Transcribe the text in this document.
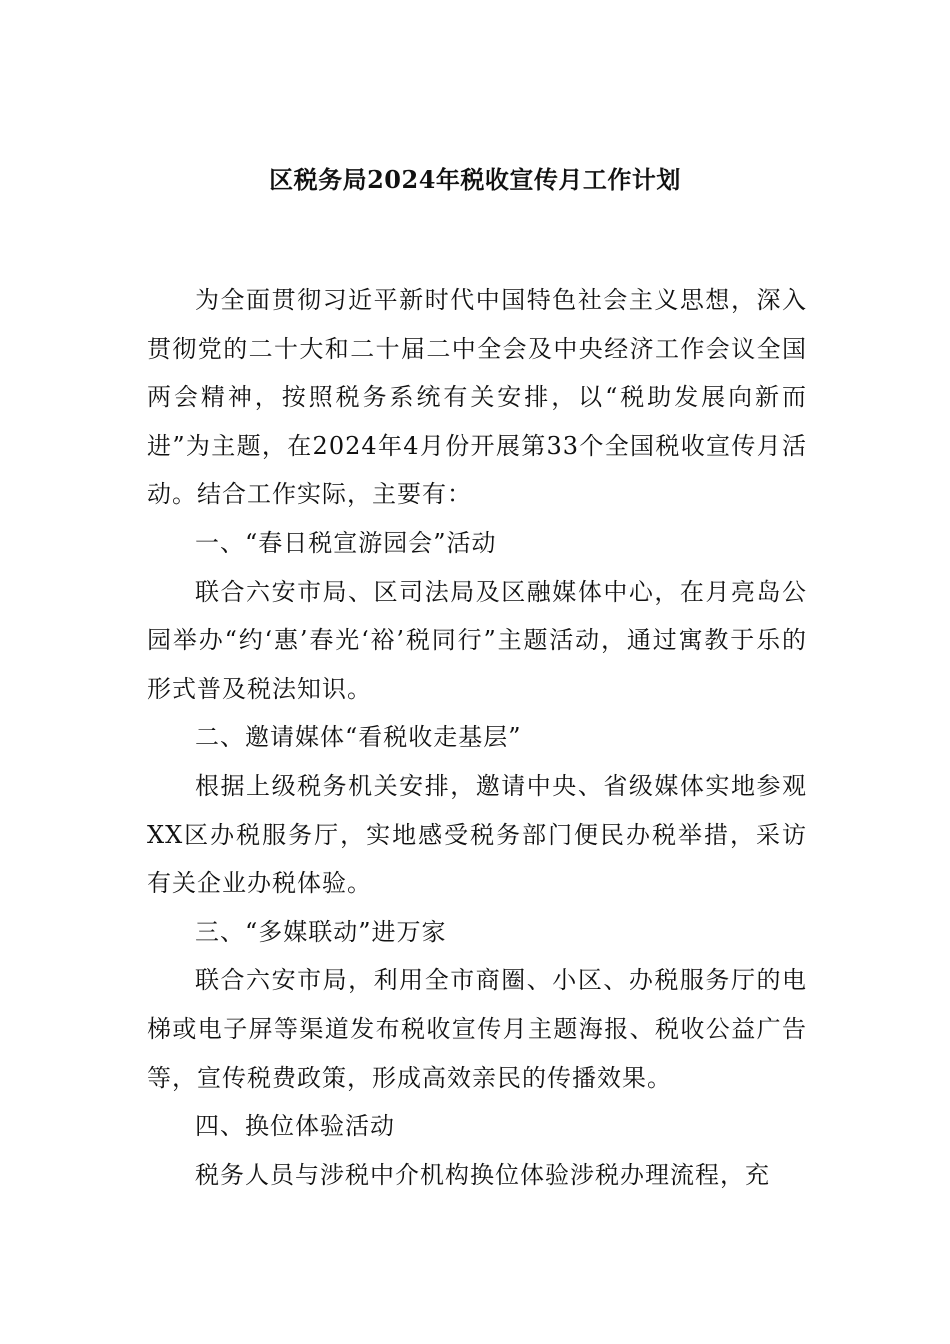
区税务局2024年税收宣传月工作计划

为全面贯彻习近平新时代中国特色社会主义思想，深入贯彻党的二十大和二十届二中全会及中央经济工作会议全国两会精神，按照税务系统有关安排，以“税助发展向新而进”为主题，在2024年4月份开展第33个全国税收宣传月活动。结合工作实际，主要有：

一、“春日税宣游园会”活动

联合六安市局、区司法局及区融媒体中心，在月亮岛公园举办“约‘惠’春光‘裕’税同行”主题活动，通过寓教于乐的形式普及税法知识。

二、邀请媒体“看税收走基层”

根据上级税务机关安排，邀请中央、省级媒体实地参观XX区办税服务厅，实地感受税务部门便民办税举措，采访有关企业办税体验。

三、“多媒联动”进万家

联合六安市局，利用全市商圈、小区、办税服务厅的电梯或电子屏等渠道发布税收宣传月主题海报、税收公益广告等，宣传税费政策，形成高效亲民的传播效果。

四、换位体验活动

税务人员与涉税中介机构换位体验涉税办理流程，充
